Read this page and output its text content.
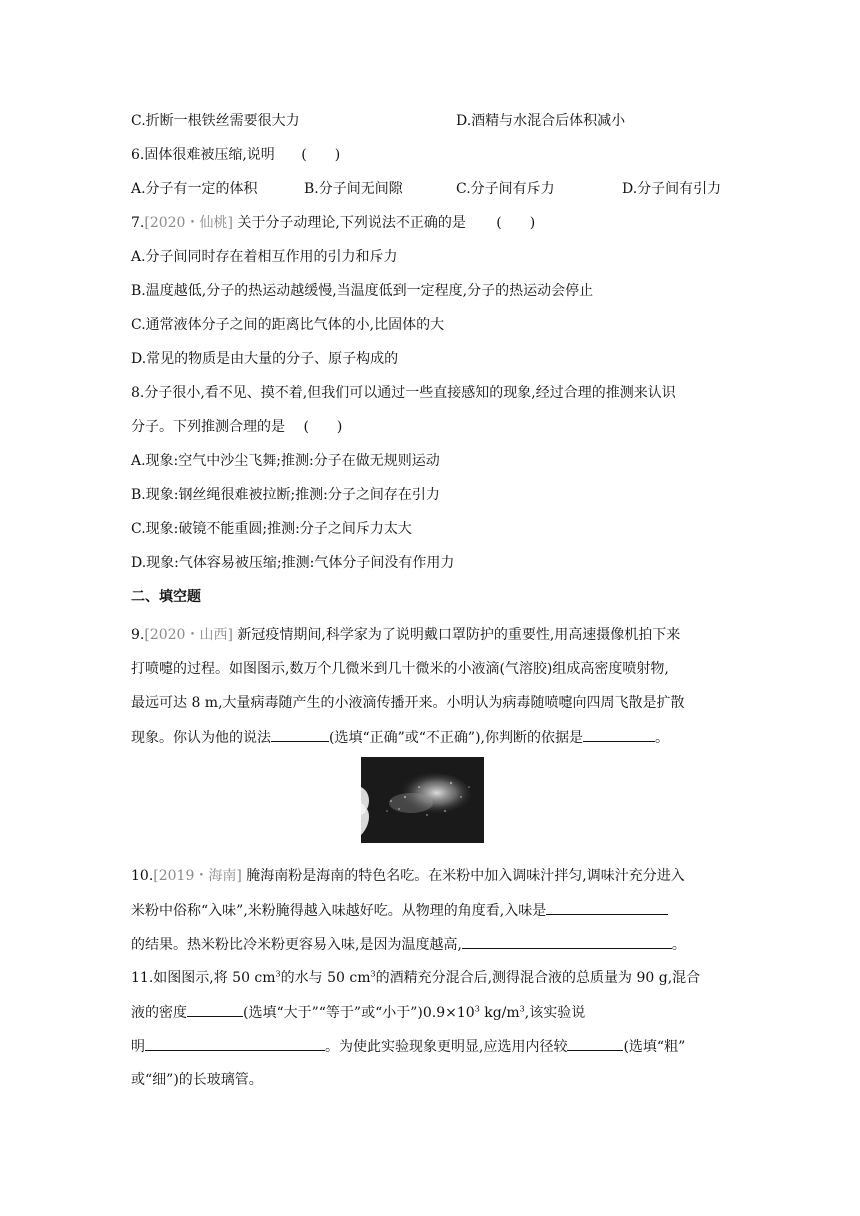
C.折断一根铁丝需要很大力	D.酒精与水混合后体积减小
6.固体很难被压缩,说明 (　　)
A.分子有一定的体积	B.分子间无间隙	C.分子间有斥力	D.分子间有引力
7.[2020・仙桃] 关于分子动理论,下列说法不正确的是 (　　)
A.分子间同时存在着相互作用的引力和斥力
B.温度越低,分子的热运动越缓慢,当温度低到一定程度,分子的热运动会停止
C.通常液体分子之间的距离比气体的小,比固体的大
D.常见的物质是由大量的分子、原子构成的
8.分子很小,看不见、摸不着,但我们可以通过一些直接感知的现象,经过合理的推测来认识
分子。下列推测合理的是 (　　)
A.现象:空气中沙尘飞舞;推测:分子在做无规则运动
B.现象:钢丝绳很难被拉断;推测:分子之间存在引力
C.现象:破镜不能重圆;推测:分子之间斥力太大
D.现象:气体容易被压缩;推测:气体分子间没有作用力
二、填空题
9.[2020・山西] 新冠疫情期间,科学家为了说明戴口罩防护的重要性,用高速摄像机拍下来
打喷嚏的过程。如图图示,数万个几微米到几十微米的小液滴(气溶胶)组成高密度喷射物,
最远可达 8 m,大量病毒随产生的小液滴传播开来。小明认为病毒随喷嚏向四周飞散是扩散
现象。你认为他的说法	(选填“正确”或“不正确”),你判断的依据是	。
10.[2019・海南] 腌海南粉是海南的特色名吃。在米粉中加入调味汁拌匀,调味汁充分进入
米粉中俗称“入味”,米粉腌得越入味越好吃。从物理的角度看,入味是
的结果。热米粉比冷米粉更容易入味,是因为温度越高,	。
11.如图图示,将 50 $cm^3$的水与 50 $cm^3$的酒精充分混合后,测得混合液的总质量为 90 g,混合
液的密度	(选填“大于”“等于”或“小于$”)0.9\times 10^3$ $kg/m^3$,该实验说
明	。为使此实验现象更明显,应选用内径较	(选填“粗”
或“细”)的长玻璃管。
